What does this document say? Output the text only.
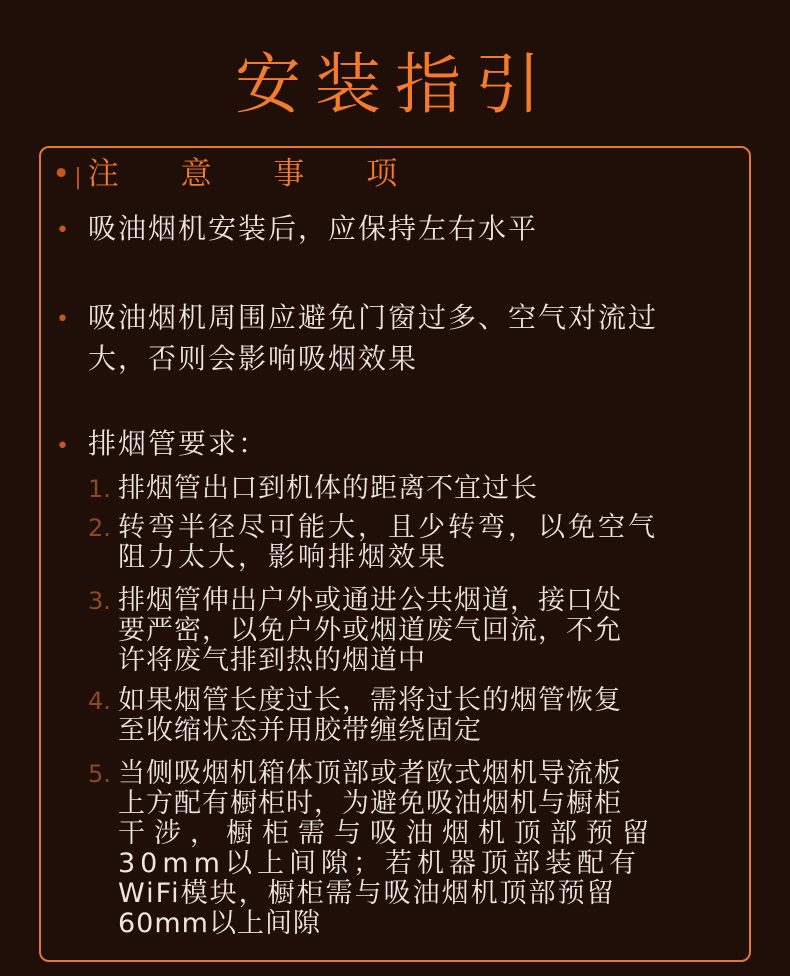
安装指引
• | 注 意 事 项
• 吸油烟机安装后，应保持左右水平
• 吸油烟机周围应避免门窗过多、空气对流过
大，否则会影响吸烟效果
• 排烟管要求：
1. 排烟管出口到机体的距离不宜过长
2. 转弯半径尽可能大，且少转弯，以免空气
阻力太大，影响排烟效果
3. 排烟管伸出户外或通进公共烟道，接口处
要严密，以免户外或烟道废气回流，不允
许将废气排到热的烟道中
4. 如果烟管长度过长，需将过长的烟管恢复
至收缩状态并用胶带缠绕固定
5. 当侧吸烟机箱体顶部或者欧式烟机导流板
上方配有橱柜时，为避免吸油烟机与橱柜
干涉，橱柜需与吸油烟机顶部预留
30mm以上间隙；若机器顶部装配有
WiFi模块，橱柜需与吸油烟机顶部预留
60mm以上间隙
